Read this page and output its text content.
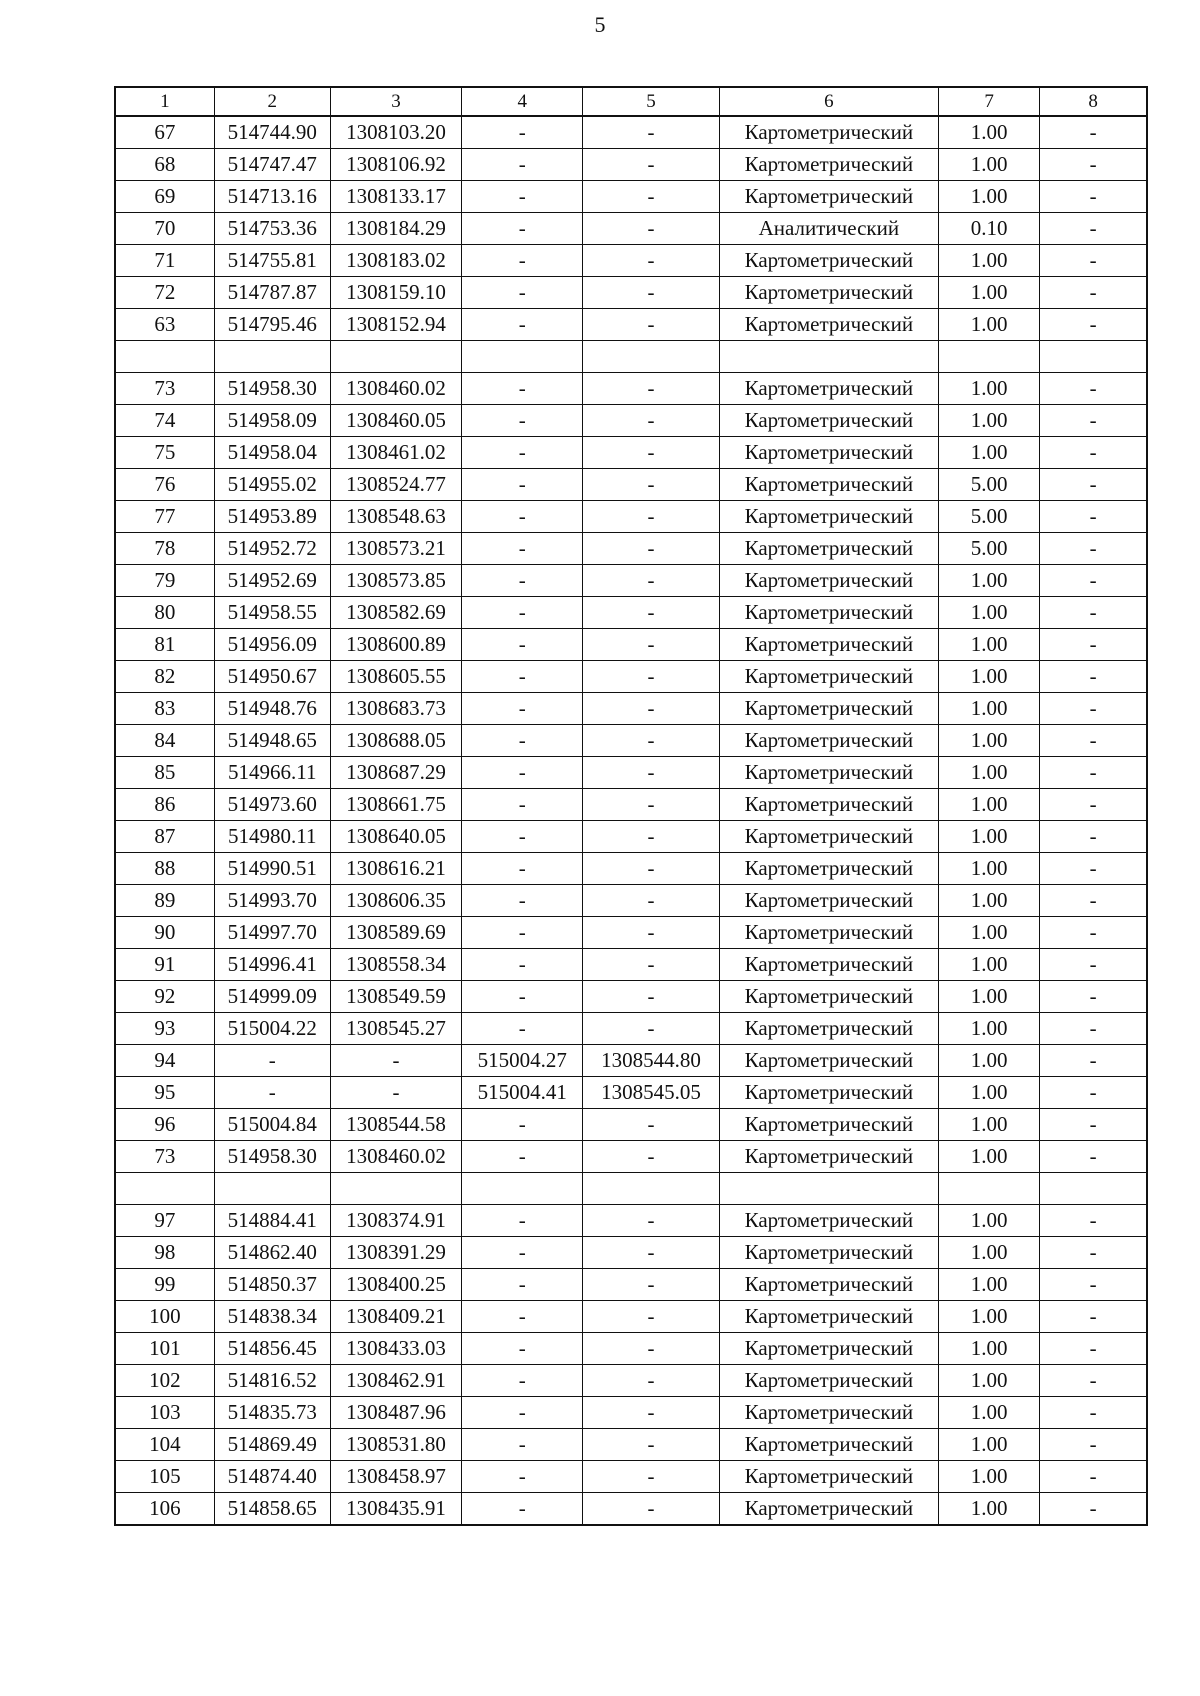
5
1	2	3	4	5	6	7	8
67	514744.90	1308103.20	-	-	Картометрический	1.00	-
68	514747.47	1308106.92	-	-	Картометрический	1.00	-
69	514713.16	1308133.17	-	-	Картометрический	1.00	-
70	514753.36	1308184.29	-	-	Аналитический	0.10	-
71	514755.81	1308183.02	-	-	Картометрический	1.00	-
72	514787.87	1308159.10	-	-	Картометрический	1.00	-
63	514795.46	1308152.94	-	-	Картометрический	1.00	-

73	514958.30	1308460.02	-	-	Картометрический	1.00	-
74	514958.09	1308460.05	-	-	Картометрический	1.00	-
75	514958.04	1308461.02	-	-	Картометрический	1.00	-
76	514955.02	1308524.77	-	-	Картометрический	5.00	-
77	514953.89	1308548.63	-	-	Картометрический	5.00	-
78	514952.72	1308573.21	-	-	Картометрический	5.00	-
79	514952.69	1308573.85	-	-	Картометрический	1.00	-
80	514958.55	1308582.69	-	-	Картометрический	1.00	-
81	514956.09	1308600.89	-	-	Картометрический	1.00	-
82	514950.67	1308605.55	-	-	Картометрический	1.00	-
83	514948.76	1308683.73	-	-	Картометрический	1.00	-
84	514948.65	1308688.05	-	-	Картометрический	1.00	-
85	514966.11	1308687.29	-	-	Картометрический	1.00	-
86	514973.60	1308661.75	-	-	Картометрический	1.00	-
87	514980.11	1308640.05	-	-	Картометрический	1.00	-
88	514990.51	1308616.21	-	-	Картометрический	1.00	-
89	514993.70	1308606.35	-	-	Картометрический	1.00	-
90	514997.70	1308589.69	-	-	Картометрический	1.00	-
91	514996.41	1308558.34	-	-	Картометрический	1.00	-
92	514999.09	1308549.59	-	-	Картометрический	1.00	-
93	515004.22	1308545.27	-	-	Картометрический	1.00	-
94	-	-	515004.27	1308544.80	Картометрический	1.00	-
95	-	-	515004.41	1308545.05	Картометрический	1.00	-
96	515004.84	1308544.58	-	-	Картометрический	1.00	-
73	514958.30	1308460.02	-	-	Картометрический	1.00	-

97	514884.41	1308374.91	-	-	Картометрический	1.00	-
98	514862.40	1308391.29	-	-	Картометрический	1.00	-
99	514850.37	1308400.25	-	-	Картометрический	1.00	-
100	514838.34	1308409.21	-	-	Картометрический	1.00	-
101	514856.45	1308433.03	-	-	Картометрический	1.00	-
102	514816.52	1308462.91	-	-	Картометрический	1.00	-
103	514835.73	1308487.96	-	-	Картометрический	1.00	-
104	514869.49	1308531.80	-	-	Картометрический	1.00	-
105	514874.40	1308458.97	-	-	Картометрический	1.00	-
106	514858.65	1308435.91	-	-	Картометрический	1.00	-
